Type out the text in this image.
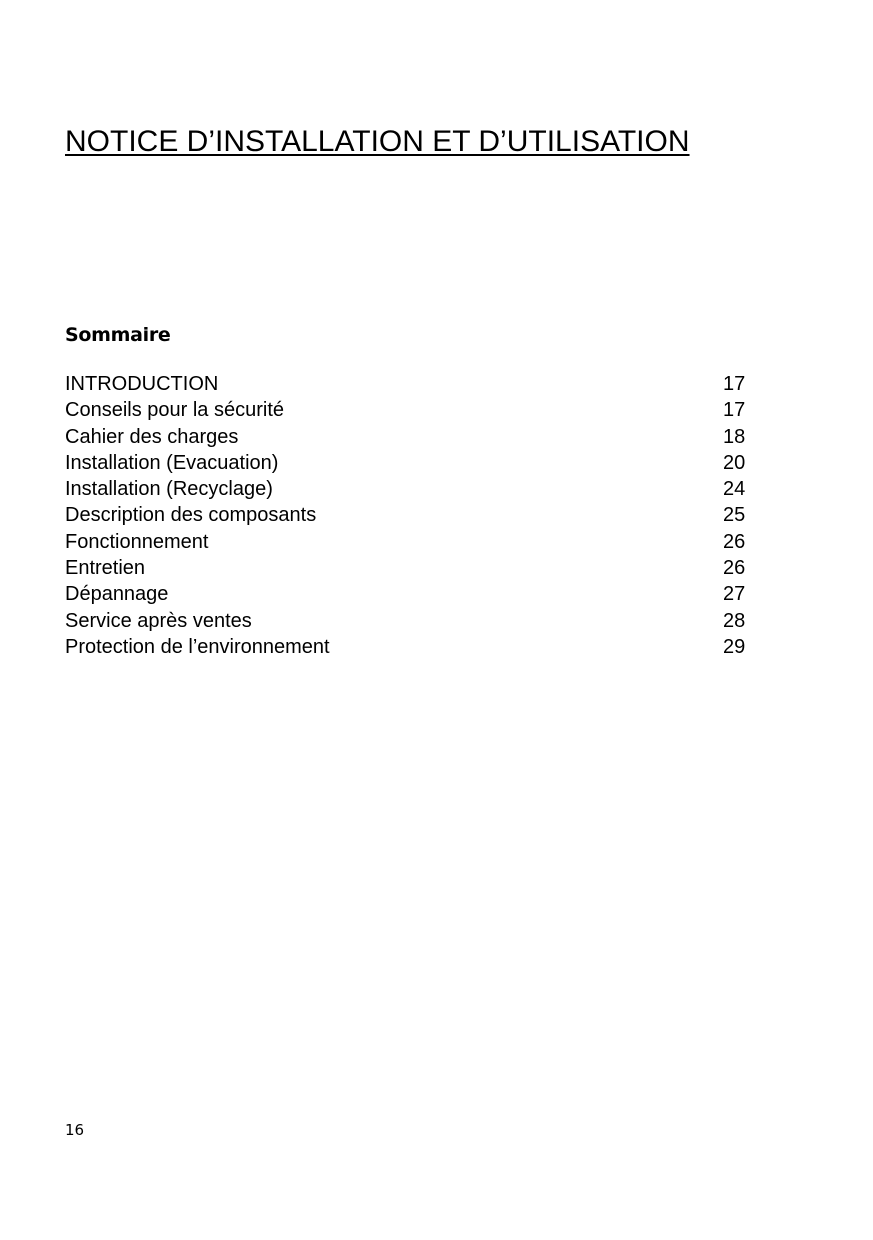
NOTICE D’INSTALLATION ET D’UTILISATION
Sommaire
INTRODUCTION	17
Conseils pour la sécurité	17
Cahier des charges	18
Installation (Evacuation)	20
Installation (Recyclage)	24
Description des composants	25
Fonctionnement	26
Entretien	26
Dépannage	27
Service après ventes	28
Protection de l’environnement	29
16
